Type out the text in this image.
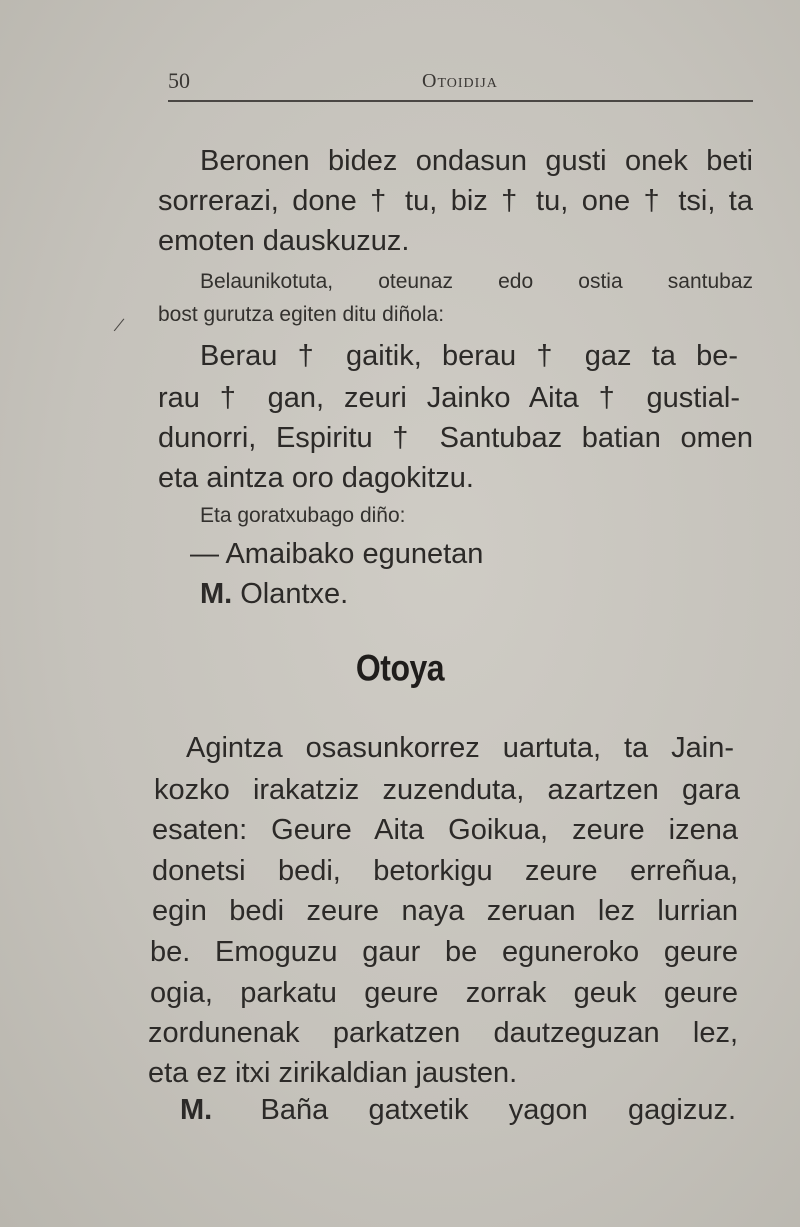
50	Otoidija
Beronen bidez ondasun gusti onek beti
sorrerazi, done † tu, biz † tu, one † tsi, ta
emoten dauskuzuz.
Belaunikotuta, oteunaz edo ostia santubaz
bost gurutza egiten ditu diñola:
/
Berau † gaitik, berau † gaz ta be-
rau † gan, zeuri Jainko Aita † gustial-
dunorri, Espiritu † Santubaz batian omen
eta aintza oro dagokitzu.
Eta goratxubago diño:
— Amaibako egunetan
M. Olantxe.
Otoya
Agintza osasunkorrez uartuta, ta Jain-
kozko irakatziz zuzenduta, azartzen gara
esaten: Geure Aita Goikua, zeure izena
donetsi bedi, betorkigu zeure erreñua,
egin bedi zeure naya zeruan lez lurrian
be. Emoguzu gaur be eguneroko geure
ogia, parkatu geure zorrak geuk geure
zordunenak parkatzen dautzeguzan lez,
eta ez itxi zirikaldian jausten.
M. Baña gatxetik yagon gagizuz.
